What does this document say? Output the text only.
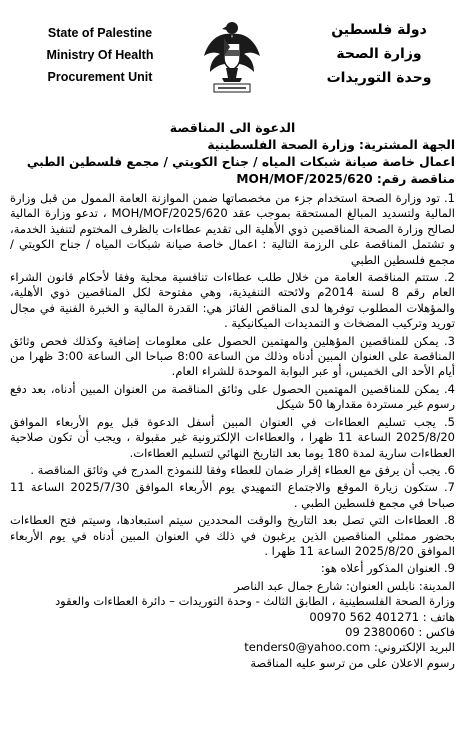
State of Palestine
Ministry Of Health
Procurement Unit
دولة فلسطين
وزارة الصحة
وحدة التوريدات
الدعوة الى المناقصة

الجهة المشترية: وزارة الصحة الفلسطينية

اعمال خاصة صيانة شبكات المياه / جناح الكويتي / مجمع فلسطين الطبي

مناقصة رقم: MOH/MOF/2025/620

1. تود وزارة الصحة استخدام جزء من مخصصاتها ضمن الموازنة العامة الممول من قبل وزارة المالية ولتسديد المبالغ المستحقة بموجب عقد MOH/MOF/2025/620 ، تدعو وزارة المالية لصالح وزارة الصحة المناقصين ذوي الأهلية الى تقديم عطاءات بالظرف المختوم لتنفيذ الخدمة، و تشتمل المناقصة على الرزمة التالية : اعمال خاصة صيانة شبكات المياه / جناح الكويتي / مجمع فلسطين الطبي

2. ستتم المناقصة العامة من خلال طلب عطاءات تنافسية محلية وفقا لأحكام قانون الشراء العام رقم 8 لسنة 2014م ولائحته التنفيذية، وهي مفتوحة لكل المناقصين ذوي الأهلية، والمؤهلات المطلوب توفرها لدى المناقص الفائز هي: القدرة المالية و الخبرة الفنية في مجال توريد وتركيب المضخات و التمديدات الميكانيكية .

3. يمكن للمناقصين المؤهلين والمهتمين الحصول على معلومات إضافية وكذلك فحص وثائق المناقصة على العنوان المبين أدناه وذلك من الساعة 8:00 صباحا الى الساعة 3:00 ظهرا من أيام الأحد الى الخميس، أو عبر البوابة الموحدة للشراء العام.

4. يمكن للمناقصين المهتمين الحصول على وثائق المناقصة من العنوان المبين أدناه، بعد دفع رسوم غير مستردة مقدارها 50 شيكل

5. يجب تسليم العطاءات في العنوان المبين أسفل الدعوة قبل يوم الأربعاء الموافق 2025/8/20 الساعة 11 ظهرا ، والعطاءات الإلكترونية غير مقبولة ، ويجب أن تكون صلاحية العطاءات سارية لمدة 180 يوما بعد التاريخ النهائي لتسليم العطاءات.

6. يجب أن يرفق مع العطاء إقرار ضمان للعطاء وفقا للنموذج المدرج في وثائق المناقصة .

7. ستكون زيارة الموقع والاجتماع التمهيدي يوم الأربعاء الموافق 2025/7/30 الساعة 11 صباحا في مجمع فلسطين الطبي .

8. العطاءات التي تصل بعد التاريخ والوقت المحددين سيتم استبعادها، وسيتم فتح العطاءات بحضور ممثلي المناقصين الذين يرغبون في ذلك في العنوان المبين أدناه في يوم الأربعاء الموافق 2025/8/20 الساعة 11 ظهرا .

9. العنوان المذكور أعلاه هو:

المدينة: نابلس العنوان: شارع جمال عبد الناصر

وزارة الصحة الفلسطينية ، الطابق الثالث - وحدة التوريدات – دائرة العطاءات والعقود

هاتف : 00970 562 401271

فاكس : 09 2380060

البريد الإلكتروني: tenders0@yahoo.com

رسوم الاعلان على من ترسو عليه المناقصة
